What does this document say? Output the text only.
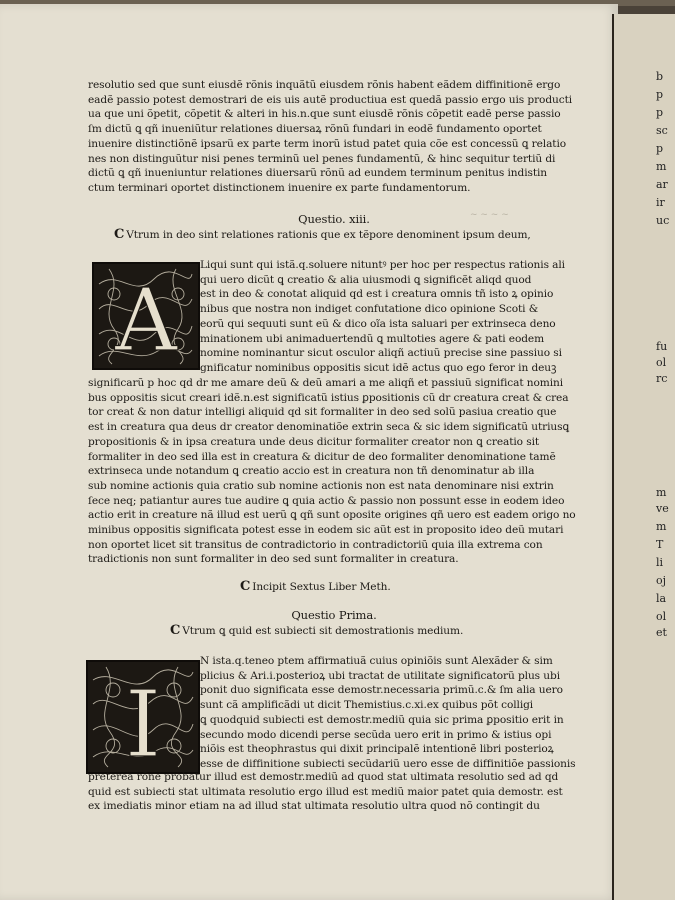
resolutio sed que sunt eiusdẽ rõnis inquãtũ eiusdem rõnis habent eãdem diffinitionẽ ergo

eadẽ passio potest demostrari de eis uis autẽ productiua est quedã passio ergo uis producti

ua que uni õpetit, cõpetit & alteri in his.n.que sunt eiusdẽ rõnis cõpetit eadẽ perse passio

ſm dictũ ꝗ qñ inueniũtur relationes diuersaꝝ rõnũ fundari in eodẽ fundamento oportet

inuenire distinctiõnẽ ipsarũ ex parte term inorũ istud patet quia cõe est concessũ ꝗ relatio

nes non distinguũtur nisi penes terminũ uel penes fundamentũ, & hinc sequitur tertiũ di

dictũ ꝗ qñ inueniuntur relationes diuersarũ rõnũ ad eundem terminum penitus indistin

ctum terminari oportet distinctionem inuenire ex parte fundamentorum.

Questio. xiii.

C Vtrum in deo sint relationes rationis que ex tẽpore denominent ipsum deum,

A

Liqui sunt qui istã.q.soluere nituntꝰ per hoc per respectus rationis ali

qui uero dicũt ꝗ creatio & alia uiusmodi ꝗ significẽt aliqd quod

est in deo & conotat aliquid qd est i creatura omnis tñ isto ꝝ opinio

nibus que nostra non indiget confutatione dico opinione Scoti &

eorũ qui sequuti sunt eũ & dico oĩa ista saluari per extrinseca deno

minationem ubi animaduertendũ ꝗ multoties agere & pati eodem

nomine nominantur sicut osculor aliqñ actiuũ precise sine passiuo si

gnificatur nominibus oppositis sicut idẽ actus quo ego feror in deuꝫ

significarũ p hoc qd dr me amare deũ & deũ amari a me aliqñ et passiuũ significat nomini

bus oppositis sicut creari idẽ.n.est significatũ istius ꝑpositionis cũ dr creatura creat & crea

tor creat & non datur intelligi aliquid qd sit formaliter in deo sed solũ pasiua creatio que

est in creatura qua deus dr creator denominatiõe extrin seca & sic idem significatũ utriusꝗ

propositionis & in ipsa creatura unde deus dicitur formaliter creator non ꝗ creatio sit

formaliter in deo sed illa est in creatura & dicitur de deo formaliter denominatione tamẽ

extrinseca unde notandum ꝗ creatio accio est in creatura non tñ denominatur ab illa

sub nomine actionis quia cratio sub nomine actionis non est nata denominare nisi extrin

ſece neq; patiantur aures tue audire ꝗ quia actio & passio non possunt esse in eodem ideo

actio erit in creature nã illud est uerũ ꝗ qñ sunt oposite origines qñ uero est eadem origo no

minibus oppositis significata potest esse in eodem sic aũt est in proposito ideo deũ mutari

non oportet licet sit transitus de contradictorio in contradictoriũ quia illa extrema con

tradictionis non sunt formaliter in deo sed sunt formaliter in creatura.

C Incipit Sextus Liber Meth.

Questio Prima.

C Vtrum ꝗ quid est subiecti sit demostrationis medium.

I

N ista.q.teneo ptem affirmatiuã cuius opiniõis sunt Alexãder & sim

plicius & Ari.i.posterioꝝ ubi tractat de utilitate significatorũ plus ubi

ponit duo significata esse demostr.necessaria primũ.c.& ſm alia uero

sunt cã amplificãdi ut dicit Themistius.c.xi.ex quibus põt colligi

ꝗ quodquid subiecti est demostr.mediũ quia sic prima ꝑpositio erit in

secundo modo dicendi perse secũda uero erit in primo & istius opi

niõis est theophrastus qui dixit principalẽ intentionẽ libri posterioꝝ

esse de diffinitione subiecti secũdariũ uero esse de diffinitiõe passionis

preterea rõne probatur illud est demostr.mediũ ad quod stat ultimata resolutio sed ad qd

quid est subiecti stat ultimata resolutio ergo illud est mediũ maior patet quia demostr. est

ex imediatis minor etiam na ad illud stat ultimata resolutio ultra quod nõ contingit du

~ ~ ~ ~
b
p
p
sc
p
m
ar
ir
uc
fu
ol
rc
m
ve
m
T
li
oj
la
ol
et
